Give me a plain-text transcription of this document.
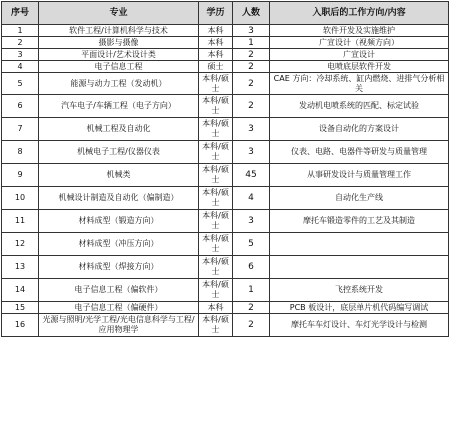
序号	专业	学历	人数	入职后的工作方向/内容
1	软件工程/计算机科学与技术	本科	3	软件开发及实施维护
2	摄影与摄像	本科	1	广宣设计（视频方向）
3	平面设计/艺术设计类	本科	2	广宣设计
4	电子信息工程	硕士	2	电喷底层软件开发
5	能源与动力工程（发动机）	本科/硕士	2	CAE 方向：冷却系统、缸内燃烧、进排气分析相关
6	汽车电子/车辆工程（电子方向）	本科/硕士	2	发动机电喷系统的匹配、标定试验
7	机械工程及自动化	本科/硕士	3	设备自动化的方案设计
8	机械电子工程/仪器仪表	本科/硕士	3	仪表、电路、电器件等研发与质量管理
9	机械类	本科/硕士	45	从事研发设计与质量管理工作
10	机械设计制造及自动化（偏制造）	本科/硕士	4	自动化生产线
11	材料成型（锻造方向）	本科/硕士	3	摩托车锻造零件的工艺及其制造
12	材料成型（冲压方向）	本科/硕士	5	
13	材料成型（焊接方向）	本科/硕士	6	
14	电子信息工程（偏软件）	本科/硕士	1	飞控系统开发
15	电子信息工程（偏硬件）	本科	2	PCB 板设计，底层单片机代码编写调试
16	光源与照明/光学工程/光电信息科学与工程/应用物理学	本科/硕士	2	摩托车车灯设计、车灯光学设计与检测
